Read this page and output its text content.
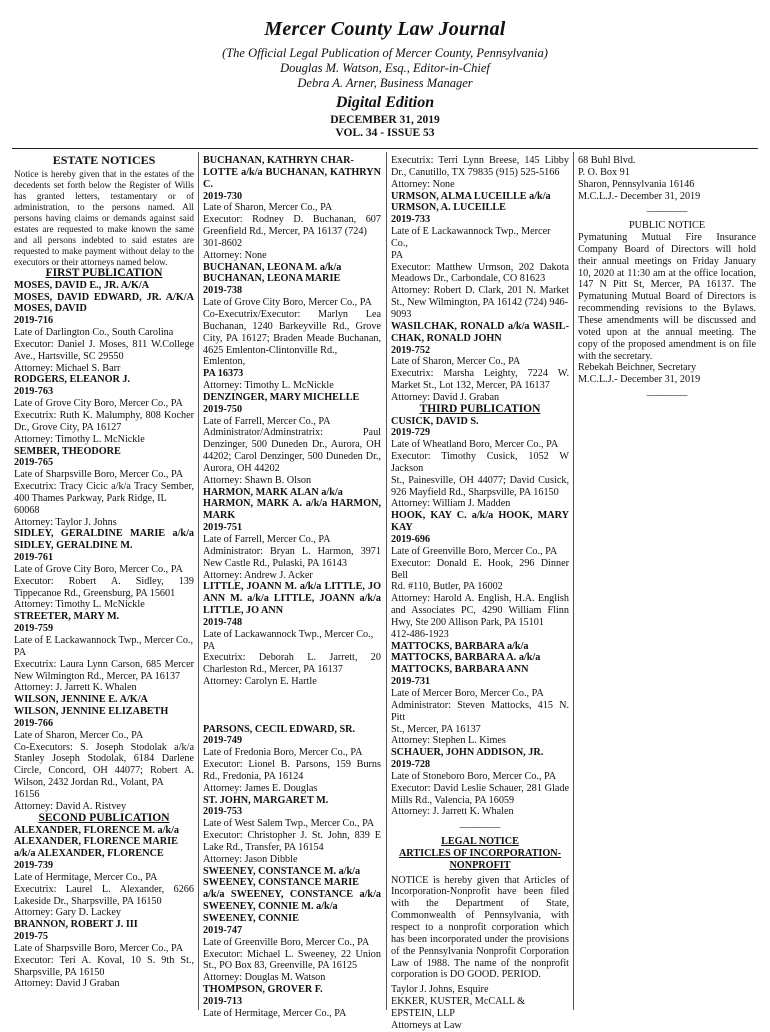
Mercer County Law Journal
(The Official Legal Publication of Mercer County, Pennsylvania)
Douglas M. Watson, Esq., Editor-in-Chief
Debra A. Arner, Business Manager
Digital Edition
DECEMBER 31, 2019
VOL. 34 - ISSUE 53
ESTATE NOTICES
Notice is hereby given that in the estates of the decedents set forth below the Register of Wills has granted letters, testamentary or of administration, to the persons named. All persons having claims or demands against said estates are requested to make known the same and all persons indebted to said estates are requested to make payment without delay to the executors or their attorneys named below.
FIRST PUBLICATION
MOSES, DAVID E., JR. A/K/A
MOSES, DAVID EDWARD, JR. A/K/A
MOSES, DAVID
2019-716
Late of Darlington Co., South Carolina
Executor: Daniel J. Moses, 811 W.College
Ave., Hartsville, SC 29550
Attorney: Michael S. Barr
RODGERS, ELEANOR J.
2019-763
Late of Grove City Boro, Mercer Co., PA
Executrix: Ruth K. Malumphy, 808 Kocher
Dr., Grove City, PA 16127
Attorney: Timothy L. McNickle
SEMBER, THEODORE
2019-765
Late of Sharpsville Boro, Mercer Co., PA
Executrix: Tracy Cicic a/k/a Tracy Sember,
400 Thames Parkway, Park Ridge, IL
60068
Attorney: Taylor J. Johns
SIDLEY, GERALDINE MARIE a/k/a
SIDLEY, GERALDINE M.
2019-761
Late of Grove City Boro, Mercer Co., PA
Executor: Robert A. Sidley, 139
Tippecanoe Rd., Greensburg, PA 15601
Attorney: Timothy L. McNickle
STREETER, MARY M.
2019-759
Late of E Lackawannock Twp., Mercer Co.,
PA
Executrix: Laura Lynn Carson, 685 Mercer
New Wilmington Rd., Mercer, PA 16137
Attorney: J. Jarrett K. Whalen
WILSON, JENNINE E. A/K/A
WILSON, JENNINE ELIZABETH
2019-766
Late of Sharon, Mercer Co., PA
Co-Executors: S. Joseph Stodolak a/k/a
Stanley Joseph Stodolak, 6184 Darlene
Circle, Concord, OH 44077; Robert A.
Wilson, 2432 Jordan Rd., Volant, PA
16156
Attorney: David A. Ristvey
SECOND PUBLICATION
ALEXANDER, FLORENCE M. a/k/a
ALEXANDER, FLORENCE MARIE
a/k/a ALEXANDER, FLORENCE
2019-739
Late of Hermitage, Mercer Co., PA
Executrix: Laurel L. Alexander, 6266
Lakeside Dr., Sharpsville, PA 16150
Attorney: Gary D. Lackey
BRANNON, ROBERT J. III
2019-75
Late of Sharpsville Boro, Mercer Co., PA
Executor: Teri A. Koval, 10 S. 9th St.,
Sharpsville, PA 16150
Attorney: David J Graban
BUCHANAN, KATHRYN CHAR-
LOTTE a/k/a BUCHANAN, KATHRYN
C.
2019-730
Late of Sharon, Mercer Co., PA
Executor: Rodney D. Buchanan, 607
Greenfield Rd., Mercer, PA 16137 (724)
301-8602
Attorney: None
BUCHANAN, LEONA M. a/k/a
BUCHANAN, LEONA MARIE
2019-738
Late of Grove City Boro, Mercer Co., PA
Co-Executrix/Executor: Marlyn Lea
Buchanan, 1240 Barkeyville Rd., Grove
City, PA 16127; Braden Meade Buchanan,
4625 Emlenton-Clintonville Rd., Emlenton,
PA 16373
Attorney: Timothy L. McNickle
DENZINGER, MARY MICHELLE
2019-750
Late of Farrell, Mercer Co., PA
Administrator/Adminstratrix: Paul
Denzinger, 500 Duneden Dr., Aurora, OH
44202; Carol Denzinger, 500 Duneden Dr.,
Aurora, OH 44202
Attorney: Shawn B. Olson
HARMON, MARK ALAN a/k/a
HARMON, MARK A. a/k/a HARMON,
MARK
2019-751
Late of Farrell, Mercer Co., PA
Administrator: Bryan L. Harmon, 3971
New Castle Rd., Pulaski, PA 16143
Attorney: Andrew J. Acker
LITTLE, JOANN M. a/k/a LITTLE, JO
ANN M. a/k/a LITTLE, JOANN a/k/a
LITTLE, JO ANN
2019-748
Late of Lackawannock Twp., Mercer Co.,
PA
Executrix: Deborah L. Jarrett, 20
Charleston Rd., Mercer, PA 16137
Attorney: Carolyn E. Hartle
PARSONS, CECIL EDWARD, SR.
2019-749
Late of Fredonia Boro, Mercer Co., PA
Executor: Lionel B. Parsons, 159 Burns
Rd., Fredonia, PA 16124
Attorney: James E. Douglas
ST. JOHN, MARGARET M.
2019-753
Late of West Salem Twp., Mercer Co., PA
Executor: Christopher J. St. John, 839 E
Lake Rd., Transfer, PA 16154
Attorney: Jason Dibble
SWEENEY, CONSTANCE M. a/k/a
SWEENEY, CONSTANCE MARIE
a/k/a SWEENEY, CONSTANCE a/k/a
SWEENEY, CONNIE M. a/k/a
SWEENEY, CONNIE
2019-747
Late of Greenville Boro, Mercer Co., PA
Executor: Michael L. Sweeney, 22 Union
St., PO Box 83, Greenville, PA 16125
Attorney: Douglas M. Watson
THOMPSON, GROVER F.
2019-713
Late of Hermitage, Mercer Co., PA
Executrix: Terri Lynn Breese, 145 Libby
Dr., Canutillo, TX 79835 (915) 525-5166
Attorney: None
URMSON, ALMA LUCEILLE a/k/a
URMSON, A. LUCEILLE
2019-733
Late of E Lackawannock Twp., Mercer Co.,
PA
Executor: Matthew Urmson, 202 Dakota
Meadows Dr., Carbondale, CO 81623
Attorney: Robert D. Clark, 201 N. Market
St., New Wilmington, PA 16142 (724) 946-
9093
WASILCHAK, RONALD a/k/a WASIL-
CHAK, RONALD JOHN
2019-752
Late of Sharon, Mercer Co., PA
Executrix: Marsha Leighty, 7224 W.
Market St., Lot 132, Mercer, PA 16137
Attorney: David J. Graban
THIRD PUBLICATION
CUSICK, DAVID S.
2019-729
Late of Wheatland Boro, Mercer Co., PA
Executor: Timothy Cusick, 1052 W Jackson
St., Painesville, OH 44077; David Cusick,
926 Mayfield Rd., Sharpsville, PA 16150
Attorney: William J. Madden
HOOK, KAY C. a/k/a HOOK, MARY
KAY
2019-696
Late of Greenville Boro, Mercer Co., PA
Executor: Donald E. Hook, 296 Dinner Bell
Rd. #110, Butler, PA 16002
Attorney: Harold A. English, H.A. English
and Associates PC, 4290 William Flinn
Hwy, Ste 200 Allison Park, PA 15101
412-486-1923
MATTOCKS, BARBARA a/k/a
MATTOCKS, BARBARA A. a/k/a
MATTOCKS, BARBARA ANN
2019-731
Late of Mercer Boro, Mercer Co., PA
Administrator: Steven Mattocks, 415 N. Pitt
St., Mercer, PA 16137
Attorney: Stephen L. Kimes
SCHAUER, JOHN ADDISON, JR.
2019-728
Late of Stoneboro Boro, Mercer Co., PA
Executor: David Leslie Schauer, 281 Glade
Mills Rd., Valencia, PA 16059
Attorney: J. Jarrett K. Whalen
________
LEGAL NOTICE
ARTICLES OF INCORPORATION-
NONPROFIT
NOTICE is hereby given that Articles of Incorporation-Nonprofit have been filed with the Department of State, Commonwealth of Pennsylvania, with respect to a nonprofit corporation which has been incorporated under the provisions of the Pennsylvania Nonprofit Corporation Law of 1988. The name of the nonprofit corporation is DO GOOD. PERIOD.
Taylor J. Johns, Esquire
EKKER, KUSTER, McCALL &
EPSTEIN, LLP
Attorneys at Law
68 Buhl Blvd.
P. O. Box 91
Sharon, Pennsylvania 16146
M.C.L.J.- December 31, 2019
________
PUBLIC NOTICE
Pymatuning Mutual Fire Insurance Company Board of Directors will hold their annual meetings on Friday January 10, 2020 at 11:30 am at the office location, 147 N Pitt St, Mercer, PA 16137. The Pymatuning Mutual Board of Directors is recommending revisions to the Bylaws. These amendments will be discussed and voted upon at the annual meeting. The copy of the proposed amendment is on file with the secretary.
Rebekah Beichner, Secretary
M.C.L.J.- December 31, 2019
________
